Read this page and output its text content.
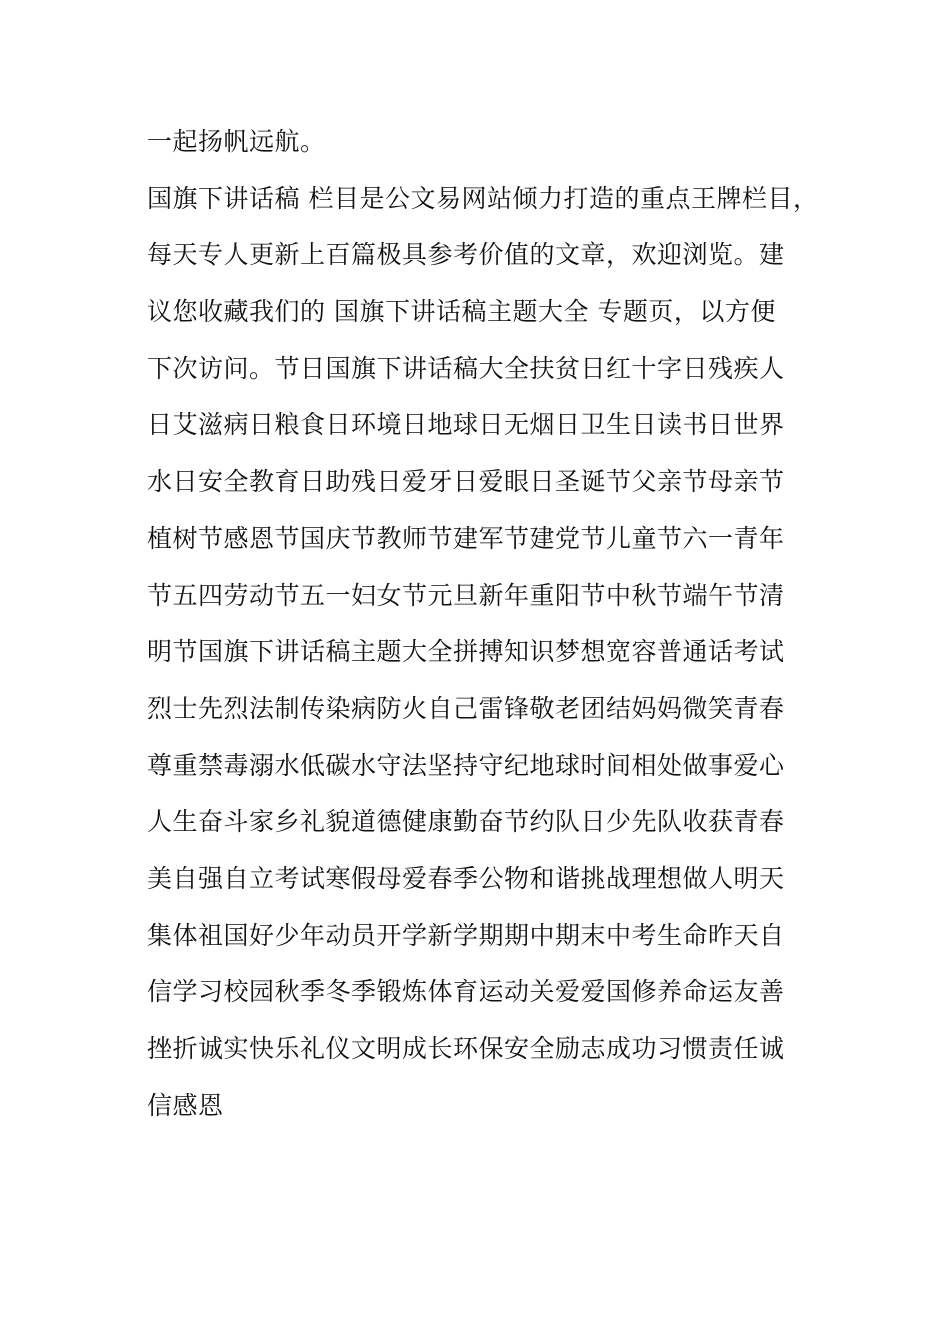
一起扬帆远航。
国旗下讲话稿 栏目是公文易网站倾力打造的重点王牌栏目，
每天专人更新上百篇极具参考价值的文章，欢迎浏览。建
议您收藏我们的 国旗下讲话稿主题大全 专题页，以方便
下次访问。节日国旗下讲话稿大全扶贫日红十字日残疾人
日艾滋病日粮食日环境日地球日无烟日卫生日读书日世界
水日安全教育日助残日爱牙日爱眼日圣诞节父亲节母亲节
植树节感恩节国庆节教师节建军节建党节儿童节六一青年
节五四劳动节五一妇女节元旦新年重阳节中秋节端午节清
明节国旗下讲话稿主题大全拼搏知识梦想宽容普通话考试
烈士先烈法制传染病防火自己雷锋敬老团结妈妈微笑青春
尊重禁毒溺水低碳水守法坚持守纪地球时间相处做事爱心
人生奋斗家乡礼貌道德健康勤奋节约队日少先队收获青春
美自强自立考试寒假母爱春季公物和谐挑战理想做人明天
集体祖国好少年动员开学新学期期中期末中考生命昨天自
信学习校园秋季冬季锻炼体育运动关爱爱国修养命运友善
挫折诚实快乐礼仪文明成长环保安全励志成功习惯责任诚
信感恩
